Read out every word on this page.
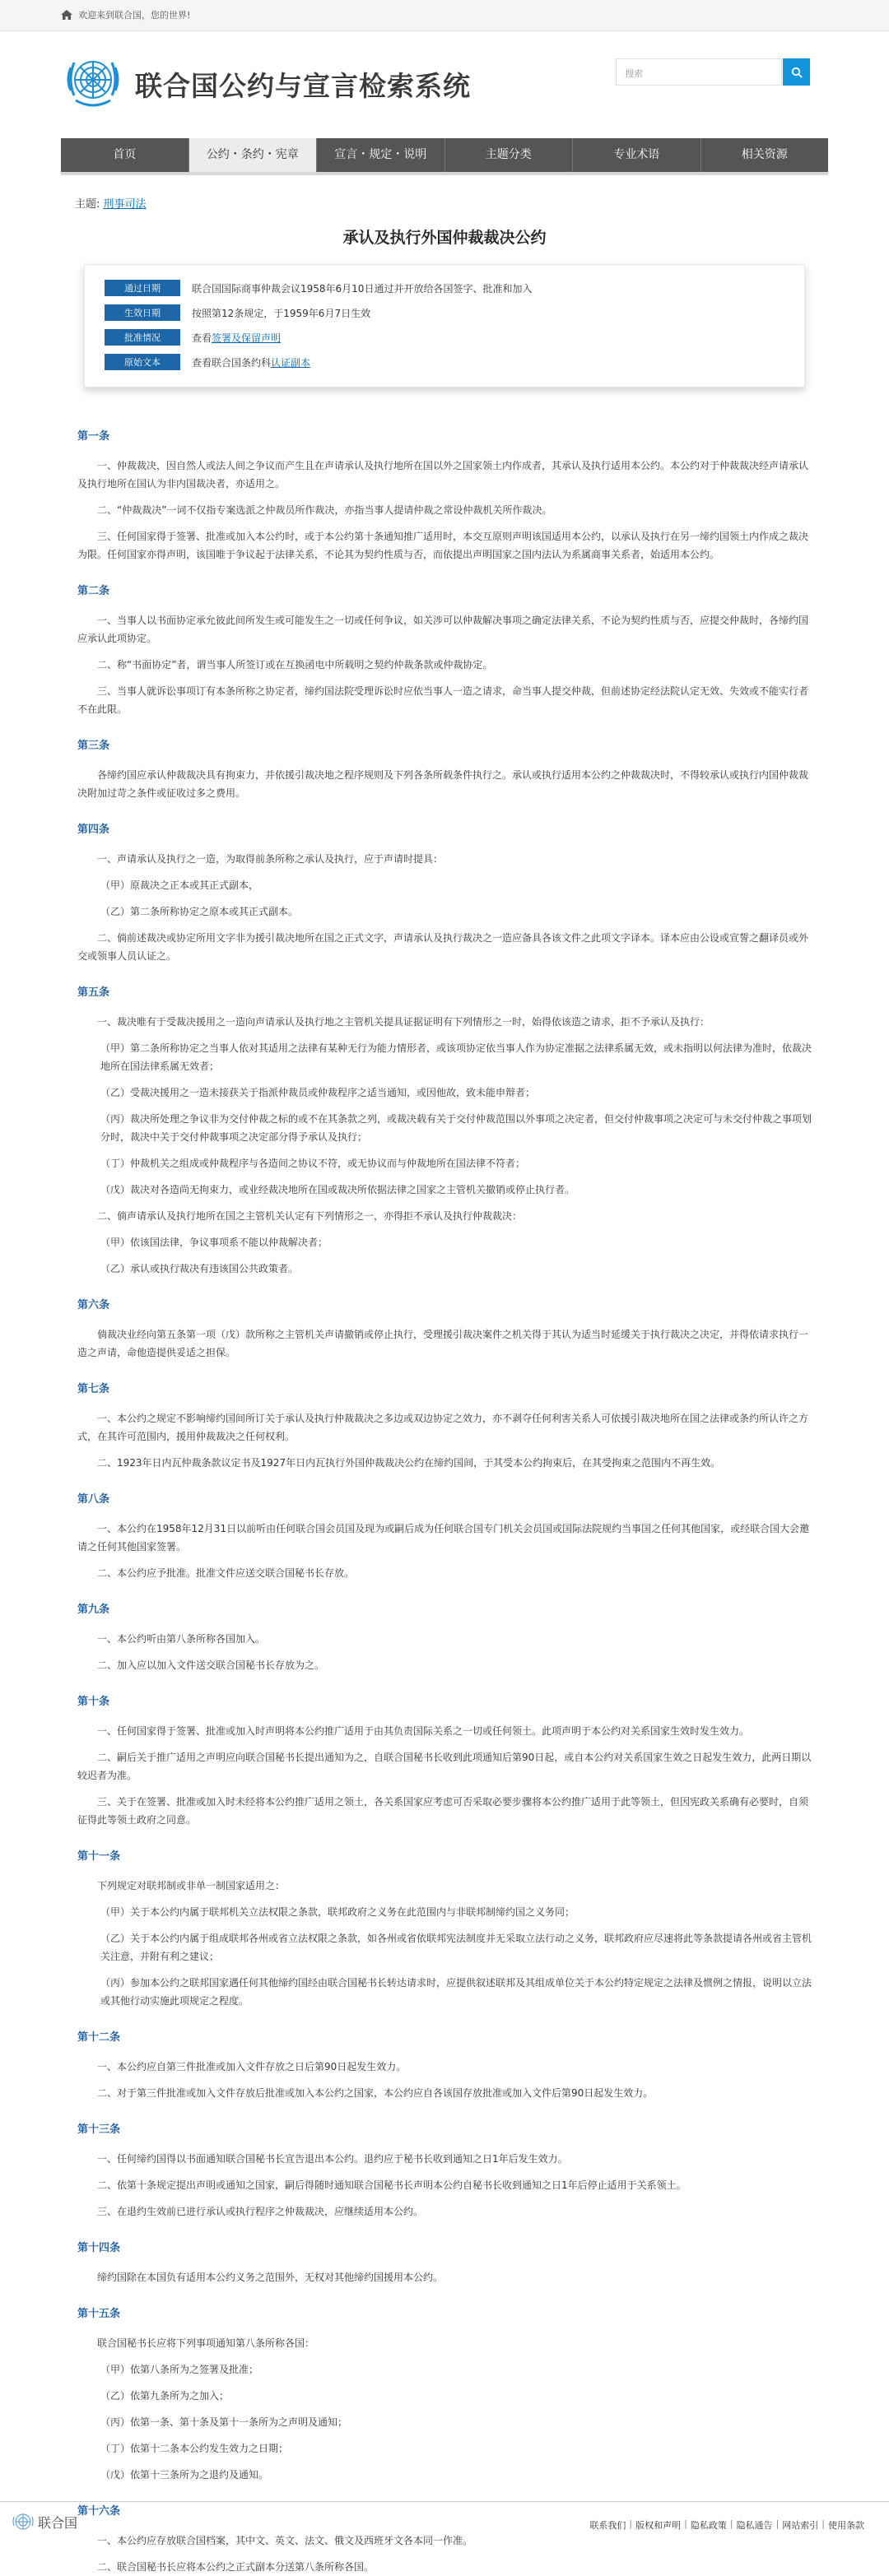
欢迎来到联合国，您的世界!
联合国公约与宣言检索系统	搜索
首页	公约・条约・宪章	宣言・规定・说明	主题分类	专业术语	相关资源
主题: 刑事司法
承认及执行外国仲裁裁决公约
通过日期	联合国国际商事仲裁会议1958年6月10日通过并开放给各国签字、批准和加入
生效日期	按照第12条规定，于1959年6月7日生效
批准情况	查看 签署及保留声明
原始文本	查看联合国条约科 认证副本
第一条
一、仲裁裁决，因自然人或法人间之争议而产生且在声请承认及执行地所在国以外之国家领土内作成者，其承认及执行适用本公约。本公约对于仲裁裁决经声请承认及执行地所在国认为非内国裁决者，亦适用之。
二、“仲裁裁决”一词不仅指专案选派之仲裁员所作裁决，亦指当事人提请仲裁之常设仲裁机关所作裁决。
三、任何国家得于签署、批准或加入本公约时，或于本公约第十条通知推广适用时，本交互原则声明该国适用本公约，以承认及执行在另一缔约国领土内作成之裁决为限。任何国家亦得声明，该国唯于争议起于法律关系，不论其为契约性质与否，而依提出声明国家之国内法认为系属商事关系者，始适用本公约。
第二条
一、当事人以书面协定承允彼此间所发生或可能发生之一切或任何争议，如关涉可以仲裁解决事项之确定法律关系，不论为契约性质与否，应提交仲裁时，各缔约国应承认此项协定。
二、称“书面协定”者，谓当事人所签订或在互换函电中所载明之契约仲裁条款或仲裁协定。
三、当事人就诉讼事项订有本条所称之协定者，缔约国法院受理诉讼时应依当事人一造之请求，命当事人提交仲裁，但前述协定经法院认定无效、失效或不能实行者不在此限。
第三条
各缔约国应承认仲裁裁决具有拘束力，并依援引裁决地之程序规则及下列各条所载条件执行之。承认或执行适用本公约之仲裁裁决时，不得较承认或执行内国仲裁裁决附加过苛之条件或征收过多之费用。
第四条
一、声请承认及执行之一造，为取得前条所称之承认及执行，应于声请时提具：
（甲）原裁决之正本或其正式副本，
（乙）第二条所称协定之原本或其正式副本。
二、倘前述裁决或协定所用文字非为援引裁决地所在国之正式文字，声请承认及执行裁决之一造应备具各该文件之此项文字译本。译本应由公设或宣誓之翻译员或外交或领事人员认证之。
第五条
一、裁决唯有于受裁决援用之一造向声请承认及执行地之主管机关提具证据证明有下列情形之一时，始得依该造之请求，拒不予承认及执行：
（甲）第二条所称协定之当事人依对其适用之法律有某种无行为能力情形者，或该项协定依当事人作为协定准据之法律系属无效，或未指明以何法律为准时，依裁决地所在国法律系属无效者；
（乙）受裁决援用之一造未接获关于指派仲裁员或仲裁程序之适当通知，或因他故，致未能申辩者；
（丙）裁决所处理之争议非为交付仲裁之标的或不在其条款之列，或裁决载有关于交付仲裁范围以外事项之决定者，但交付仲裁事项之决定可与未交付仲裁之事项划分时，裁决中关于交付仲裁事项之决定部分得予承认及执行；
（丁）仲裁机关之组成或仲裁程序与各造间之协议不符，或无协议而与仲裁地所在国法律不符者；
（戊）裁决对各造尚无拘束力，或业经裁决地所在国或裁决所依据法律之国家之主管机关撤销或停止执行者。
二、倘声请承认及执行地所在国之主管机关认定有下列情形之一，亦得拒不承认及执行仲裁裁决：
（甲）依该国法律，争议事项系不能以仲裁解决者；
（乙）承认或执行裁决有违该国公共政策者。
第六条
倘裁决业经向第五条第一项（戊）款所称之主管机关声请撤销或停止执行，受理援引裁决案件之机关得于其认为适当时延缓关于执行裁决之决定，并得依请求执行一造之声请，命他造提供妥适之担保。
第七条
一、本公约之规定不影响缔约国间所订关于承认及执行仲裁裁决之多边或双边协定之效力，亦不剥夺任何利害关系人可依援引裁决地所在国之法律或条约所认许之方式，在其许可范围内，援用仲裁裁决之任何权利。
二、1923年日内瓦仲裁条款议定书及1927年日内瓦执行外国仲裁裁决公约在缔约国间，于其受本公约拘束后，在其受拘束之范围内不再生效。
第八条
一、本公约在1958年12月31日以前听由任何联合国会员国及现为或嗣后成为任何联合国专门机关会员国或国际法院规约当事国之任何其他国家，或经联合国大会邀请之任何其他国家签署。
二、本公约应予批准。批准文件应送交联合国秘书长存放。
第九条
一、本公约听由第八条所称各国加入。
二、加入应以加入文件送交联合国秘书长存放为之。
第十条
一、任何国家得于签署、批准或加入时声明将本公约推广适用于由其负责国际关系之一切或任何领土。此项声明于本公约对关系国家生效时发生效力。
二、嗣后关于推广适用之声明应向联合国秘书长提出通知为之，自联合国秘书长收到此项通知后第90日起，或自本公约对关系国家生效之日起发生效力，此两日期以较迟者为准。
三、关于在签署、批准或加入时未经将本公约推广适用之领土，各关系国家应考虑可否采取必要步骤将本公约推广适用于此等领土，但因宪政关系确有必要时，自须征得此等领土政府之同意。
第十一条
下列规定对联邦制或非单一制国家适用之：
（甲）关于本公约内属于联邦机关立法权限之条款，联邦政府之义务在此范围内与非联邦制缔约国之义务同；
（乙）关于本公约内属于组成联邦各州或省立法权限之条款，如各州或省依联邦宪法制度并无采取立法行动之义务，联邦政府应尽速将此等条款提请各州或省主管机关注意，并附有利之建议；
（丙）参加本公约之联邦国家遇任何其他缔约国经由联合国秘书长转达请求时，应提供叙述联邦及其组成单位关于本公约特定规定之法律及惯例之情报，说明以立法或其他行动实施此项规定之程度。
第十二条
一、本公约应自第三件批准或加入文件存放之日后第90日起发生效力。
二、对于第三件批准或加入文件存放后批准或加入本公约之国家，本公约应自各该国存放批准或加入文件后第90日起发生效力。
第十三条
一、任何缔约国得以书面通知联合国秘书长宣告退出本公约。退约应于秘书长收到通知之日1年后发生效力。
二、依第十条规定提出声明或通知之国家，嗣后得随时通知联合国秘书长声明本公约自秘书长收到通知之日1年后停止适用于关系领土。
三、在退约生效前已进行承认或执行程序之仲裁裁决，应继续适用本公约。
第十四条
缔约国除在本国负有适用本公约义务之范围外，无权对其他缔约国援用本公约。
第十五条
联合国秘书长应将下列事项通知第八条所称各国：
（甲）依第八条所为之签署及批准；
（乙）依第九条所为之加入；
（丙）依第一条、第十条及第十一条所为之声明及通知；
（丁）依第十二条本公约发生效力之日期；
（戊）依第十三条所为之退约及通知。
第十六条
一、本公约应存放联合国档案，其中文、英文、法文、俄文及西班牙文各本同一作准。
二、联合国秘书长应将本公约之正式副本分送第八条所称各国。
联合国	联系我们 | 版权和声明 | 隐私政策 | 隐私通告 | 网站索引 | 使用条款
